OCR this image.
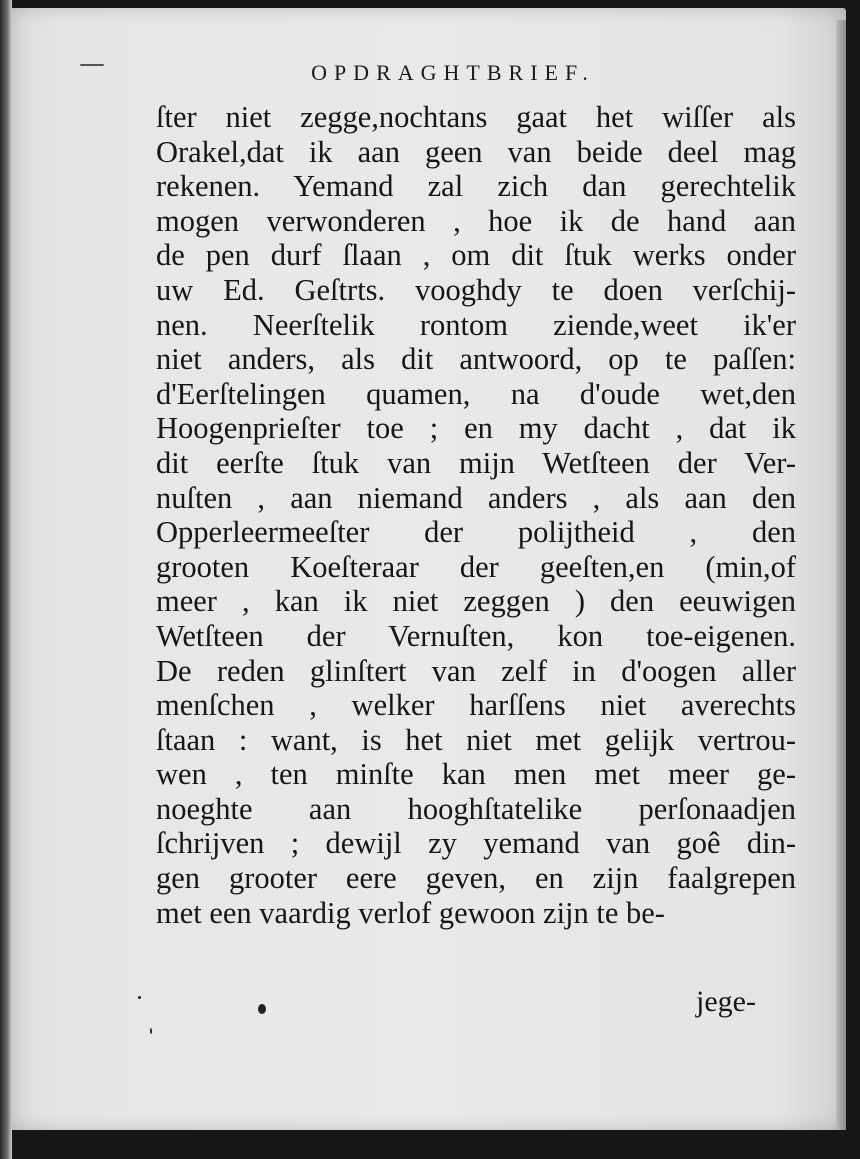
OPDRAGHTBRIEF.
ſter niet zegge,nochtans gaat het wiſſer als
Orakel,dat ik aan geen van beide deel mag
rekenen. Yemand zal zich dan gerechtelik
mogen verwonderen , hoe ik de hand aan
de pen durf ſlaan , om dit ſtuk werks onder
uw Ed. Geſtrts. vooghdy te doen verſchij-
nen. Neerſtelik rontom ziende,weet ik'er
niet anders, als dit antwoord, op te paſſen:
d'Eerſtelingen quamen, na d'oude wet,den
Hoogenprieſter toe ; en my dacht , dat ik
dit eerſte ſtuk van mijn Wetſteen der Ver-
nuſten , aan niemand anders , als aan den
Opperleermeeſter der polijtheid , den
grooten Koeſteraar der geeſten,en (min,of
meer , kan ik niet zeggen ) den eeuwigen
Wetſteen der Vernuſten, kon toe-eigenen.
De reden glinſtert van zelf in d'oogen aller
menſchen , welker harſſens niet averechts
ſtaan : want, is het niet met gelijk vertrou-
wen , ten minſte kan men met meer ge-
noeghte aan hooghſtatelike perſonaadjen
ſchrijven ; dewijl zy yemand van goê din-
gen grooter eere geven, en zijn faalgrepen
met een vaardig verlof gewoon zijn te be-
jege-
